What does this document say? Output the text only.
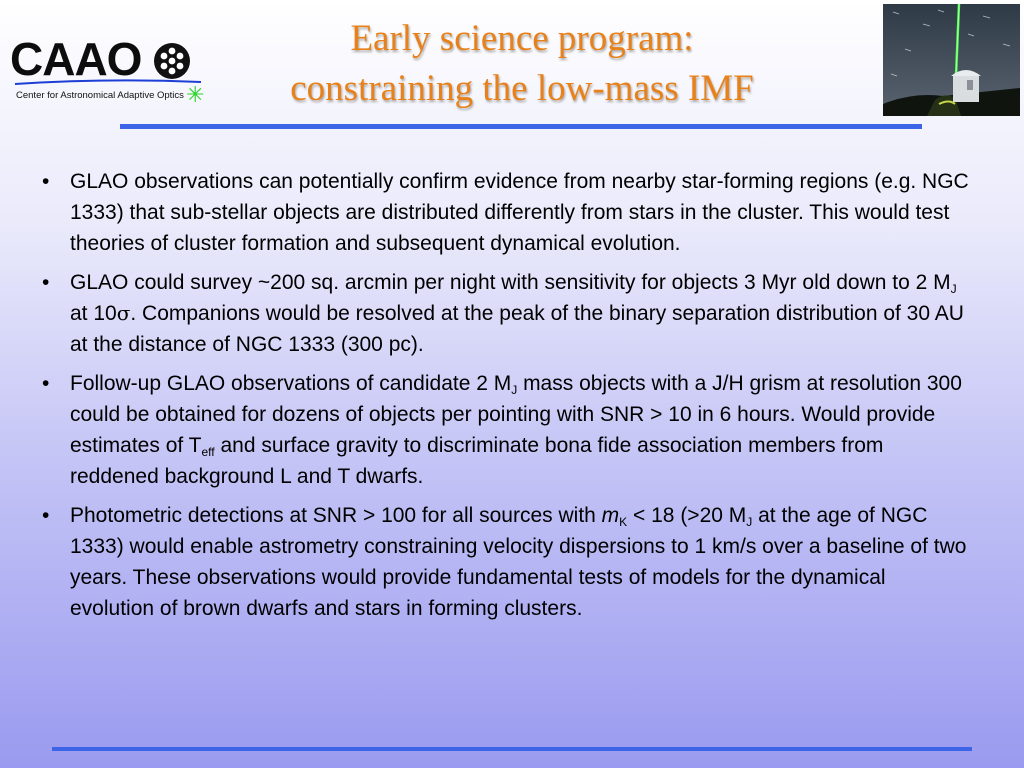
CAAO
✳
Center for Astronomical Adaptive Optics
Early science program:
constraining the low-mass IMF
• GLAO observations can potentially confirm evidence from nearby star-forming regions (e.g. NGC 1333) that sub-stellar objects are distributed differently from stars in the cluster. This would test theories of cluster formation and subsequent dynamical evolution.
• GLAO could survey ~200 sq. arcmin per night with sensitivity for objects 3 Myr old down to 2 $M_J$ at 10σ. Companions would be resolved at the peak of the binary separation distribution of 30 AU at the distance of NGC 1333 (300 pc).
• Follow-up GLAO observations of candidate 2 $M_J$ mass objects with a J/H grism at resolution 300 could be obtained for dozens of objects per pointing with SNR > 10 in 6 hours. Would provide estimates of $T_{eff}$ and surface gravity to discriminate bona fide association members from reddened background L and T dwarfs.
• Photometric detections at SNR > 100 for all sources with $m_K < 18$ (>20 $M_J$ at the age of NGC 1333) would enable astrometry constraining velocity dispersions to 1 km/s over a baseline of two years. These observations would provide fundamental tests of models for the dynamical evolution of brown dwarfs and stars in forming clusters.
